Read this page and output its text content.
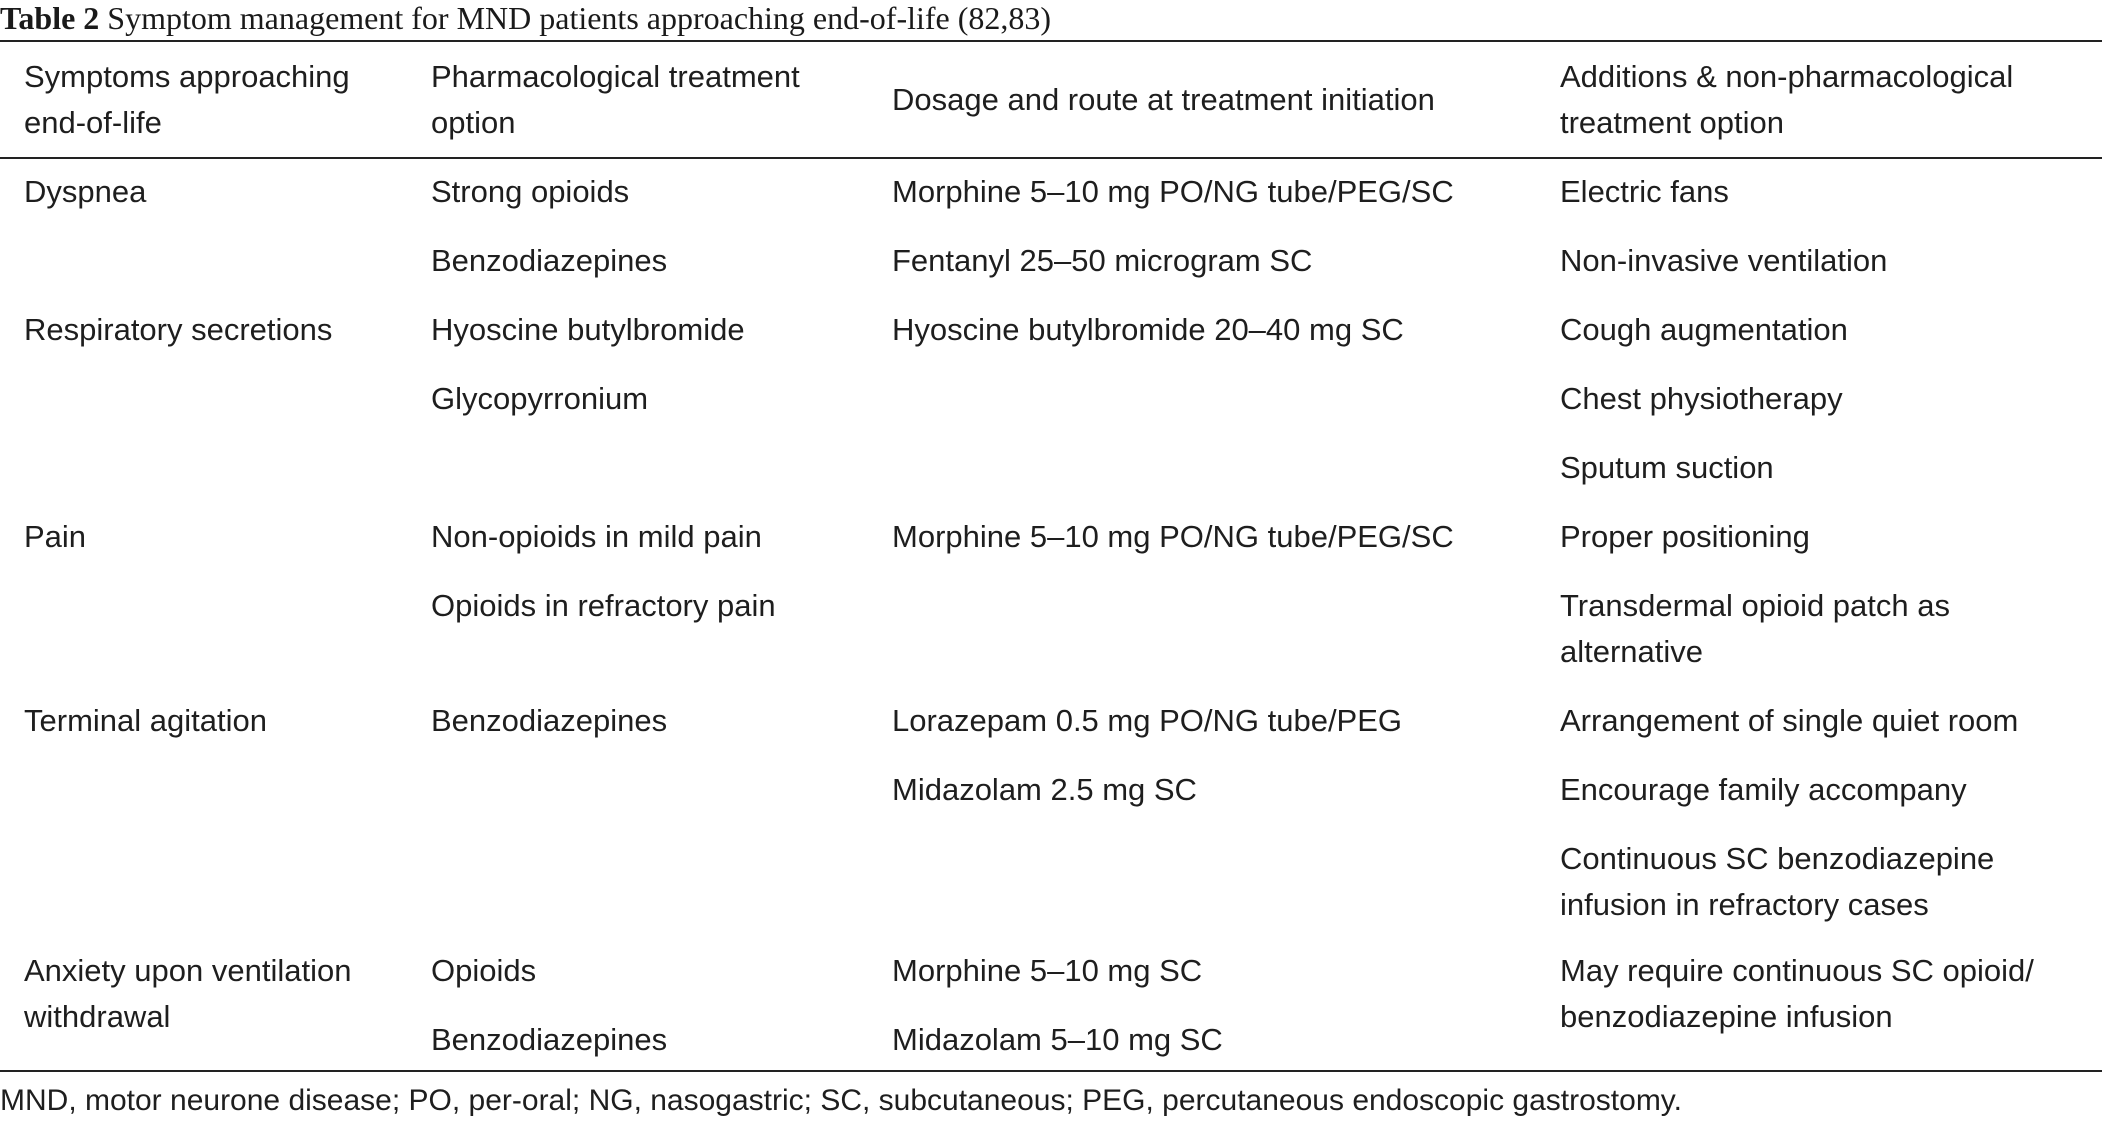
Table 2 Symptom management for MND patients approaching end-of-life (82,83)
Symptoms approaching
end-of-life
Dyspnea
Respiratory secretions
Pain
Terminal agitation
Anxiety upon ventilation
withdrawal
Pharmacological treatment
option
Strong opioids
Benzodiazepines
Hyoscine butylbromide
Glycopyrronium
Non-opioids in mild pain
Opioids in refractory pain
Benzodiazepines
Opioids
Benzodiazepines
Dosage and route at treatment initiation
Morphine 5–10 mg PO/NG tube/PEG/SC
Fentanyl 25–50 microgram SC
Hyoscine butylbromide 20–40 mg SC
Morphine 5–10 mg PO/NG tube/PEG/SC
Lorazepam 0.5 mg PO/NG tube/PEG
Midazolam 2.5 mg SC
Morphine 5–10 mg SC
Midazolam 5–10 mg SC
Additions & non-pharmacological
treatment option
Electric fans
Non-invasive ventilation
Cough augmentation
Chest physiotherapy
Sputum suction
Proper positioning
Transdermal opioid patch as
alternative
Arrangement of single quiet room
Encourage family accompany
Continuous SC benzodiazepine
infusion in refractory cases
May require continuous SC opioid/
benzodiazepine infusion
MND, motor neurone disease; PO, per-oral; NG, nasogastric; SC, subcutaneous; PEG, percutaneous endoscopic gastrostomy.
